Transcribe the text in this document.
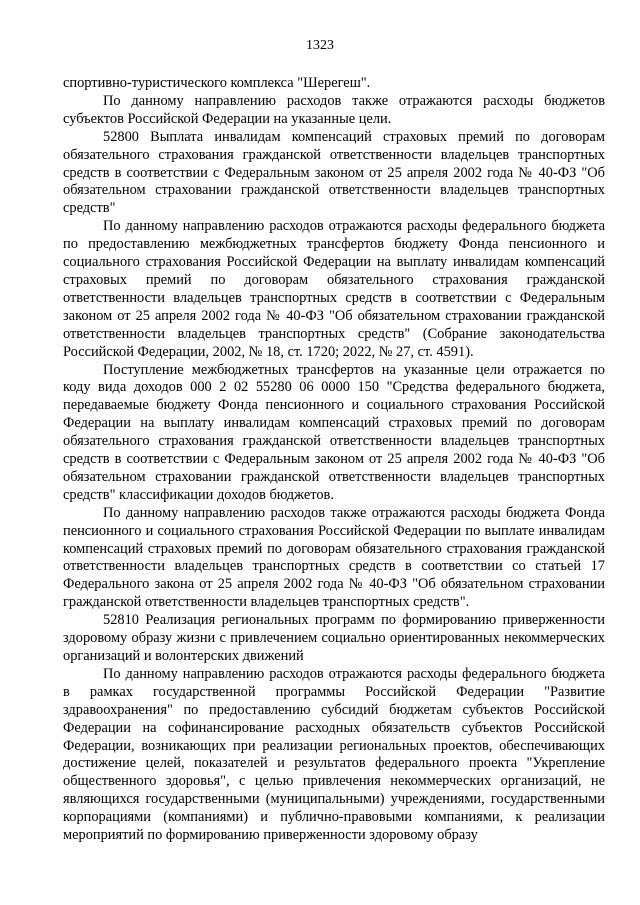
1323

спортивно-туристического комплекса "Шерегеш".

По данному направлению расходов также отражаются расходы бюджетов субъектов Российской Федерации на указанные цели.

52800 Выплата инвалидам компенсаций страховых премий по договорам обязательного страхования гражданской ответственности владельцев транспортных средств в соответствии с Федеральным законом от 25 апреля 2002 года № 40-ФЗ "Об обязательном страховании гражданской ответственности владельцев транспортных средств"

По данному направлению расходов отражаются расходы федерального бюджета по предоставлению межбюджетных трансфертов бюджету Фонда пенсионного и социального страхования Российской Федерации на выплату инвалидам компенсаций страховых премий по договорам обязательного страхования гражданской ответственности владельцев транспортных средств в соответствии с Федеральным законом от 25 апреля 2002 года № 40-ФЗ "Об обязательном страховании гражданской ответственности владельцев транспортных средств" (Собрание законодательства Российской Федерации, 2002, № 18, ст. 1720; 2022, № 27, ст. 4591).

Поступление межбюджетных трансфертов на указанные цели отражается по коду вида доходов 000 2 02 55280 06 0000 150 "Средства федерального бюджета, передаваемые бюджету Фонда пенсионного и социального страхования Российской Федерации на выплату инвалидам компенсаций страховых премий по договорам обязательного страхования гражданской ответственности владельцев транспортных средств в соответствии с Федеральным законом от 25 апреля 2002 года № 40-ФЗ "Об обязательном страховании гражданской ответственности владельцев транспортных средств" классификации доходов бюджетов.

По данному направлению расходов также отражаются расходы бюджета Фонда пенсионного и социального страхования Российской Федерации по выплате инвалидам компенсаций страховых премий по договорам обязательного страхования гражданской ответственности владельцев транспортных средств в соответствии со статьей 17 Федерального закона от 25 апреля 2002 года № 40-ФЗ "Об обязательном страховании гражданской ответственности владельцев транспортных средств".

52810 Реализация региональных программ по формированию приверженности здоровому образу жизни с привлечением социально ориентированных некоммерческих организаций и волонтерских движений

По данному направлению расходов отражаются расходы федерального бюджета в рамках государственной программы Российской Федерации "Развитие здравоохранения" по предоставлению субсидий бюджетам субъектов Российской Федерации на софинансирование расходных обязательств субъектов Российской Федерации, возникающих при реализации региональных проектов, обеспечивающих достижение целей, показателей и результатов федерального проекта "Укрепление общественного здоровья", с целью привлечения некоммерческих организаций, не являющихся государственными (муниципальными) учреждениями, государственными корпорациями (компаниями) и публично-правовыми компаниями, к реализации мероприятий по формированию приверженности здоровому образу
